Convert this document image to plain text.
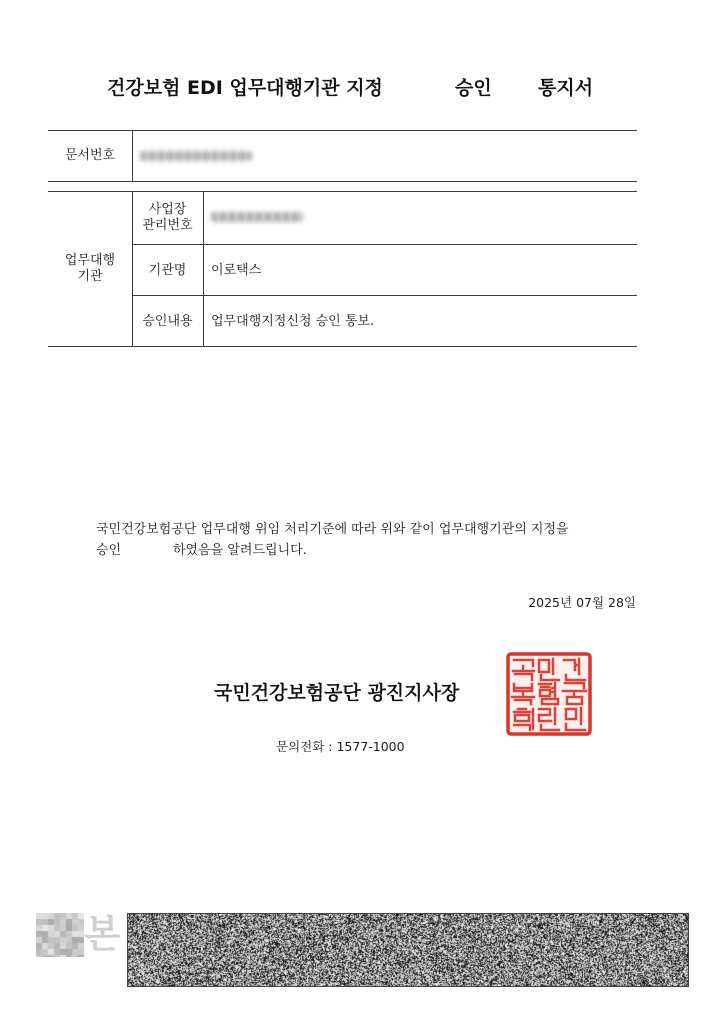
건강보험 EDI 업무대행기관 지정	승인 통지서
문서번호
업무대행
기관
사업장
관리번호
기관명 이로택스
승인내용 업무대행지정신청 승인 통보.
국민건강보험공단 업무대행 위임 처리기준에 따라 위와 같이 업무대행기관의 지정을
승인	하였음을 알려드립니다.
2025년 07월 28일
국민건강보험공단 광진지사장
문의전화 : 1577-1000
본
